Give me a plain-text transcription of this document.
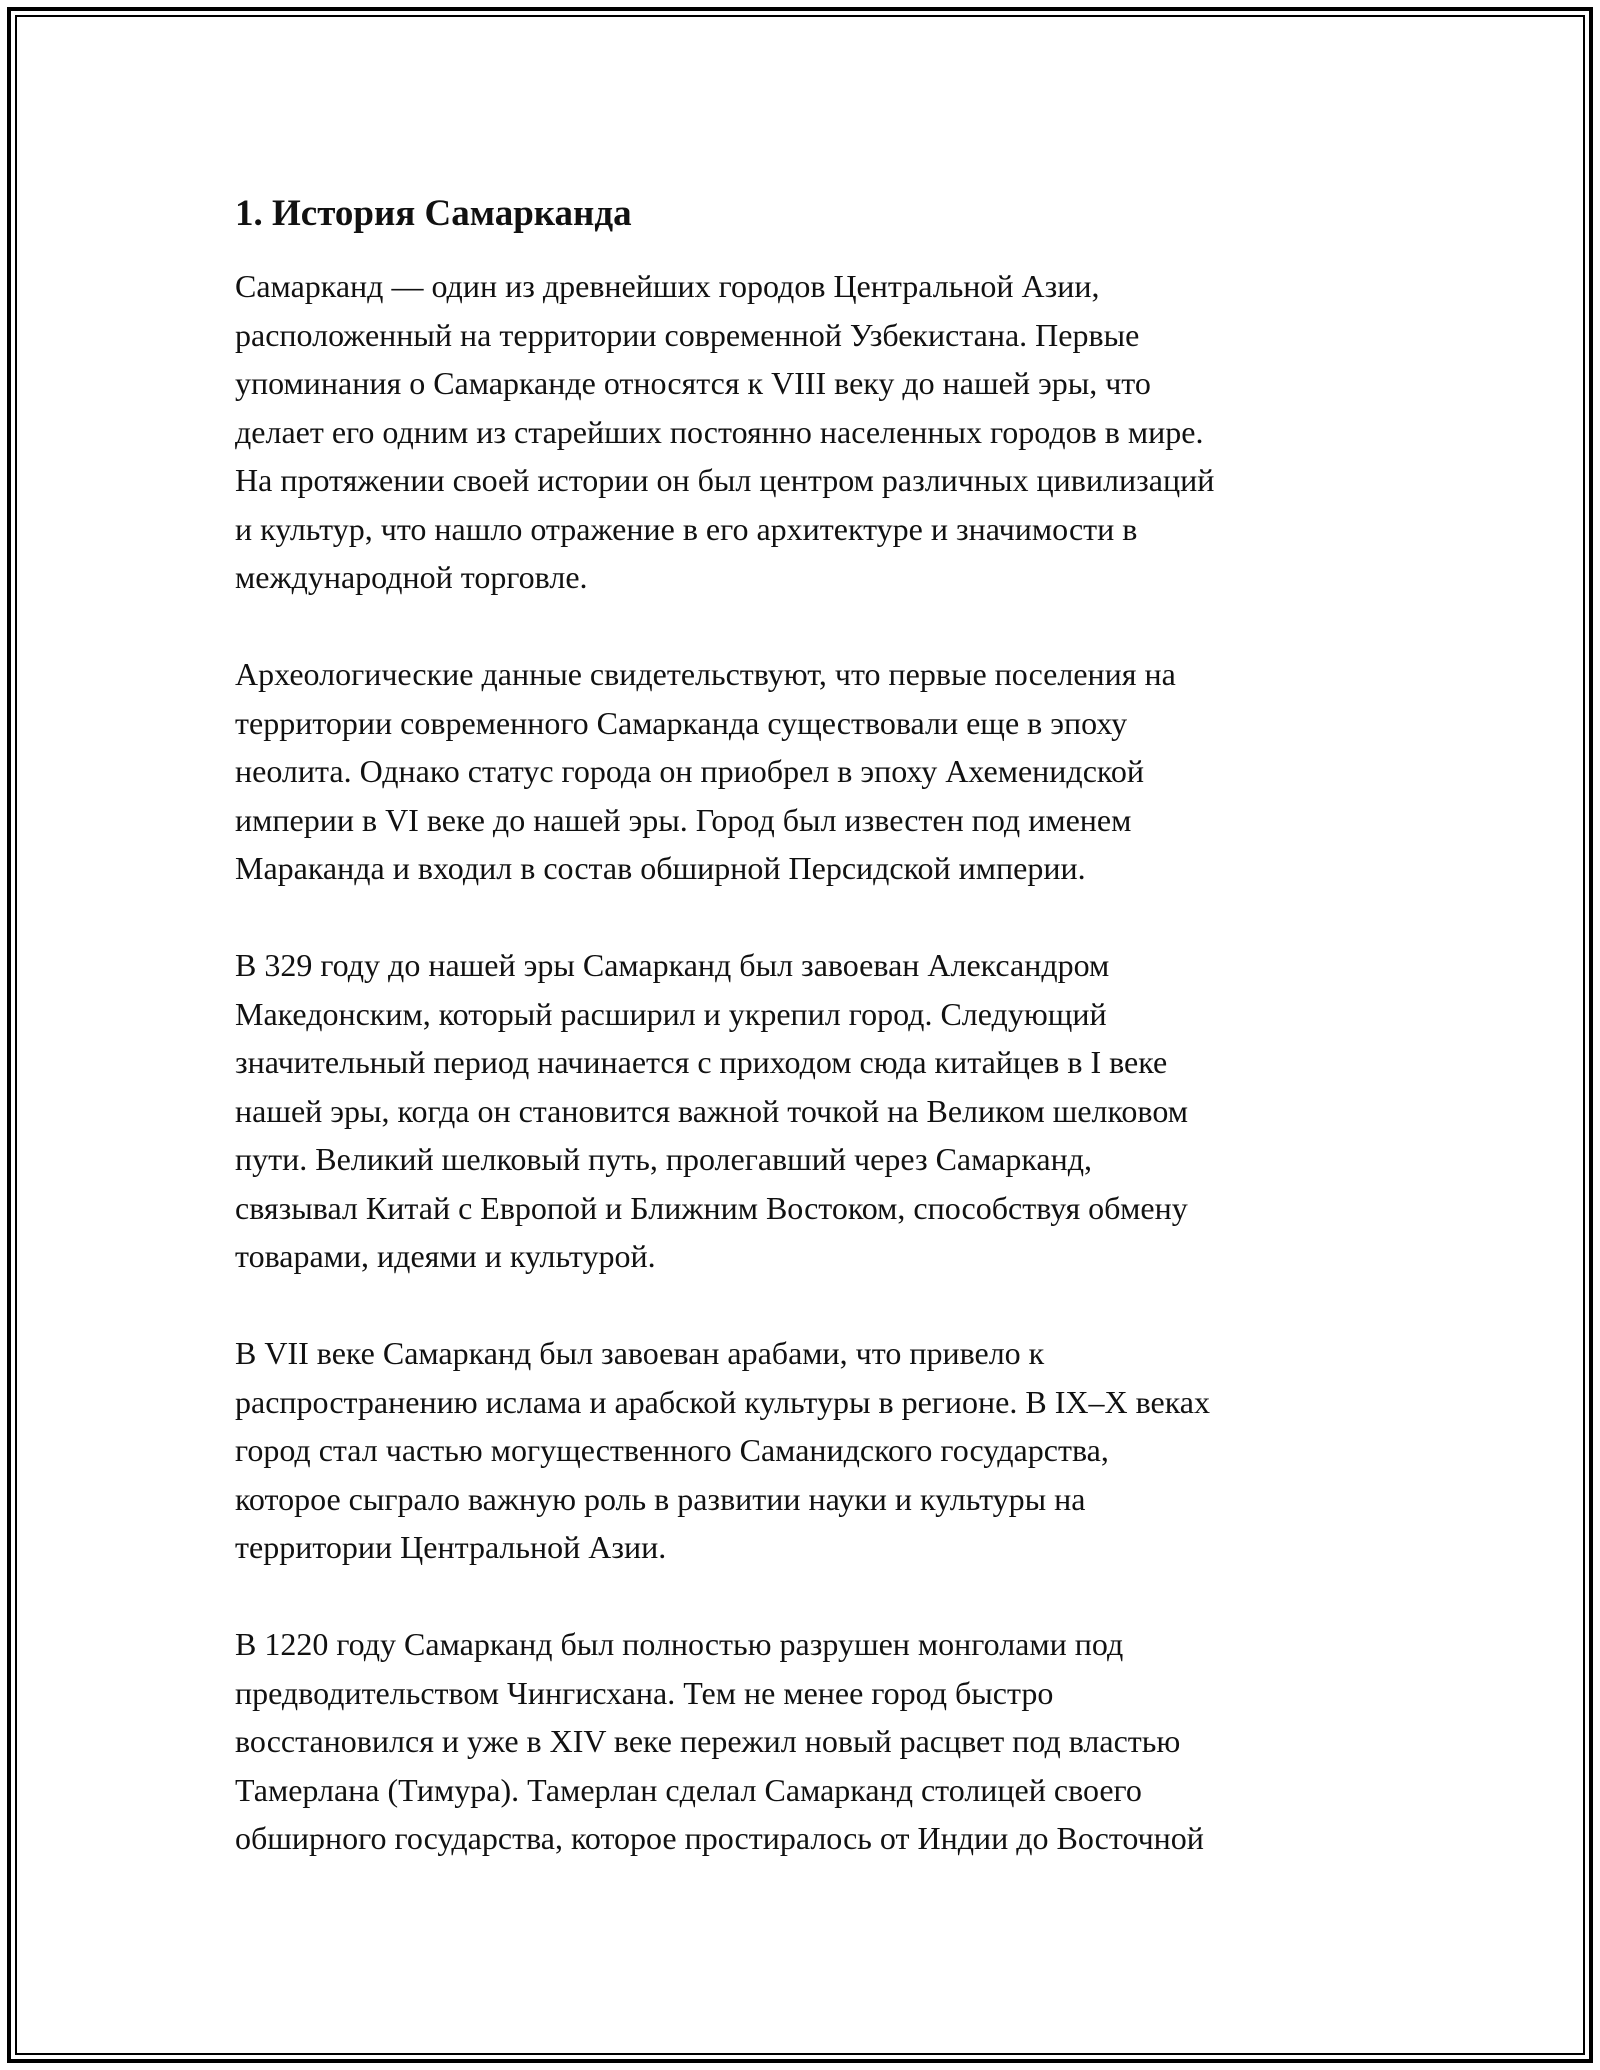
1. История Самарканда

Самарканд — один из древнейших городов Центральной Азии,
расположенный на территории современной Узбекистана. Первые
упоминания о Самарканде относятся к VIII веку до нашей эры, что
делает его одним из старейших постоянно населенных городов в мире.
На протяжении своей истории он был центром различных цивилизаций
и культур, что нашло отражение в его архитектуре и значимости в
международной торговле.

Археологические данные свидетельствуют, что первые поселения на
территории современного Самарканда существовали еще в эпоху
неолита. Однако статус города он приобрел в эпоху Ахеменидской
империи в VI веке до нашей эры. Город был известен под именем
Мараканда и входил в состав обширной Персидской империи.

В 329 году до нашей эры Самарканд был завоеван Александром
Македонским, который расширил и укрепил город. Следующий
значительный период начинается с приходом сюда китайцев в I веке
нашей эры, когда он становится важной точкой на Великом шелковом
пути. Великий шелковый путь, пролегавший через Самарканд,
связывал Китай с Европой и Ближним Востоком, способствуя обмену
товарами, идеями и культурой.

В VII веке Самарканд был завоеван арабами, что привело к
распространению ислама и арабской культуры в регионе. В IX–X веках
город стал частью могущественного Саманидского государства,
которое сыграло важную роль в развитии науки и культуры на
территории Центральной Азии.

В 1220 году Самарканд был полностью разрушен монголами под
предводительством Чингисхана. Тем не менее город быстро
восстановился и уже в XIV веке пережил новый расцвет под властью
Тамерлана (Тимура). Тамерлан сделал Самарканд столицей своего
обширного государства, которое простиралось от Индии до Восточной
